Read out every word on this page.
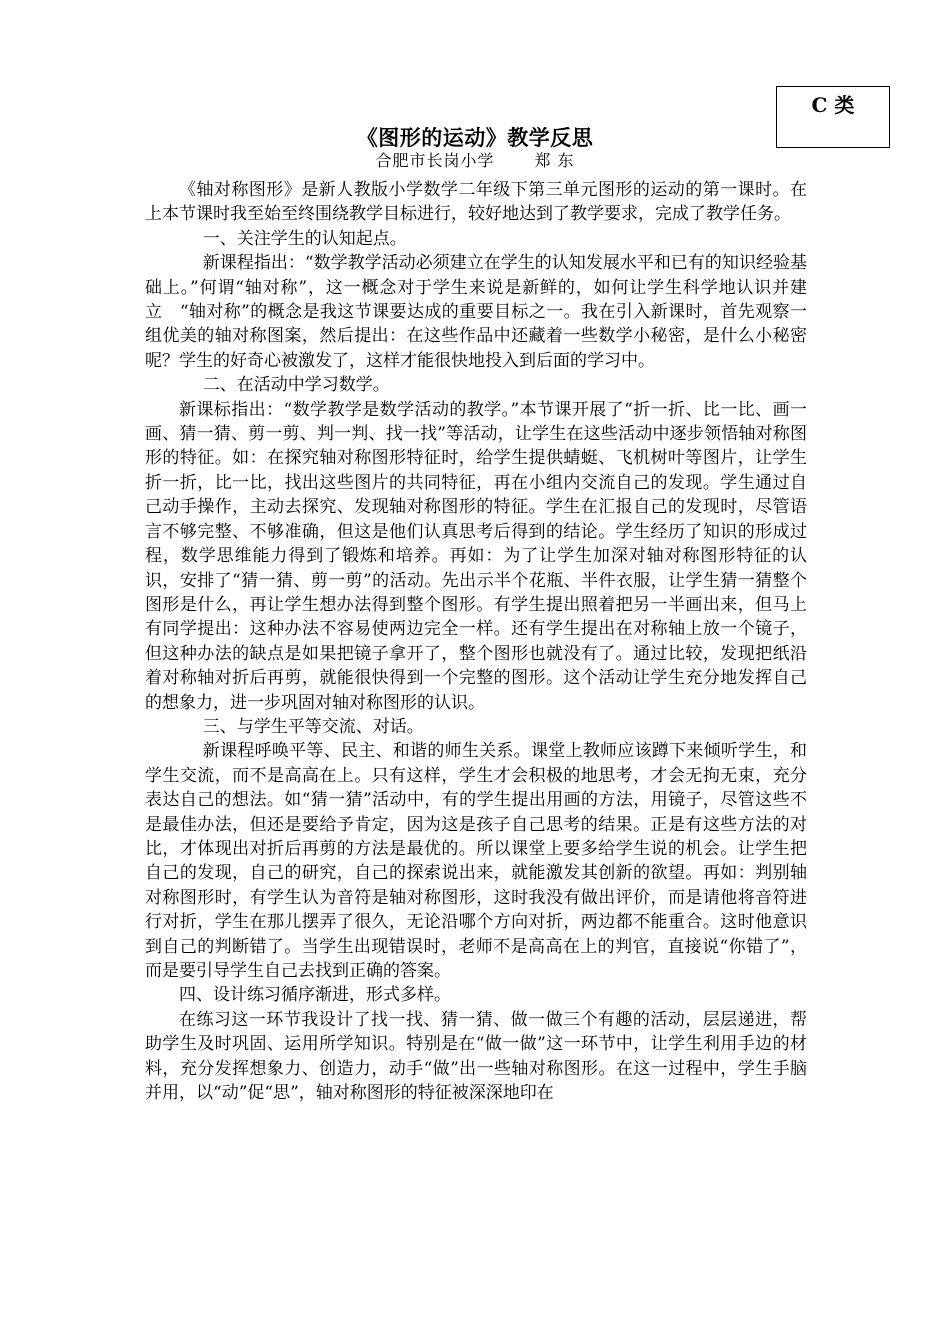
C 类
《图形的运动》教学反思
合肥市长岗小学	郑 东

《轴对称图形》是新人教版小学数学二年级下第三单元图形的运动的第一课时。在上本节课时我至始至终围绕教学目标进行，较好地达到了教学要求，完成了教学任务。

一、关注学生的认知起点。

新课程指出：“数学教学活动必须建立在学生的认知发展水平和已有的知识经验基础上。”何谓“轴对称”，这一概念对于学生来说是新鲜的，如何让学生科学地认识并建立　“轴对称”的概念是我这节课要达成的重要目标之一。我在引入新课时，首先观察一组优美的轴对称图案，然后提出：在这些作品中还藏着一些数学小秘密，是什么小秘密呢？学生的好奇心被激发了，这样才能很快地投入到后面的学习中。

二、在活动中学习数学。

新课标指出：“数学教学是数学活动的教学。”本节课开展了“折一折、比一比、画一画、猜一猜、剪一剪、判一判、找一找”等活动，让学生在这些活动中逐步领悟轴对称图形的特征。如：在探究轴对称图形特征时，给学生提供蜻蜓、飞机树叶等图片，让学生折一折，比一比，找出这些图片的共同特征，再在小组内交流自己的发现。学生通过自己动手操作，主动去探究、发现轴对称图形的特征。学生在汇报自己的发现时，尽管语言不够完整、不够准确，但这是他们认真思考后得到的结论。学生经历了知识的形成过程，数学思维能力得到了锻炼和培养。再如：为了让学生加深对轴对称图形特征的认识，安排了“猜一猜、剪一剪”的活动。先出示半个花瓶、半件衣服，让学生猜一猜整个图形是什么，再让学生想办法得到整个图形。有学生提出照着把另一半画出来，但马上有同学提出：这种办法不容易使两边完全一样。还有学生提出在对称轴上放一个镜子，但这种办法的缺点是如果把镜子拿开了，整个图形也就没有了。通过比较，发现把纸沿着对称轴对折后再剪，就能很快得到一个完整的图形。这个活动让学生充分地发挥自己的想象力，进一步巩固对轴对称图形的认识。

三、与学生平等交流、对话。

新课程呼唤平等、民主、和谐的师生关系。课堂上教师应该蹲下来倾听学生，和学生交流，而不是高高在上。只有这样，学生才会积极的地思考，才会无拘无束，充分表达自己的想法。如“猜一猜”活动中，有的学生提出用画的方法，用镜子，尽管这些不是最佳办法，但还是要给予肯定，因为这是孩子自己思考的结果。正是有这些方法的对比，才体现出对折后再剪的方法是最优的。所以课堂上要多给学生说的机会。让学生把自己的发现，自己的研究，自己的探索说出来，就能激发其创新的欲望。再如：判别轴对称图形时，有学生认为音符是轴对称图形，这时我没有做出评价，而是请他将音符进行对折，学生在那儿摆弄了很久，无论沿哪个方向对折，两边都不能重合。这时他意识到自己的判断错了。当学生出现错误时，老师不是高高在上的判官，直接说“你错了”，而是要引导学生自己去找到正确的答案。

四、设计练习循序渐进，形式多样。

在练习这一环节我设计了找一找、猜一猜、做一做三个有趣的活动，层层递进，帮助学生及时巩固、运用所学知识。特别是在“做一做”这一环节中，让学生利用手边的材料，充分发挥想象力、创造力，动手“做”出一些轴对称图形。在这一过程中，学生手脑并用，以“动”促“思”，轴对称图形的特征被深深地印在
